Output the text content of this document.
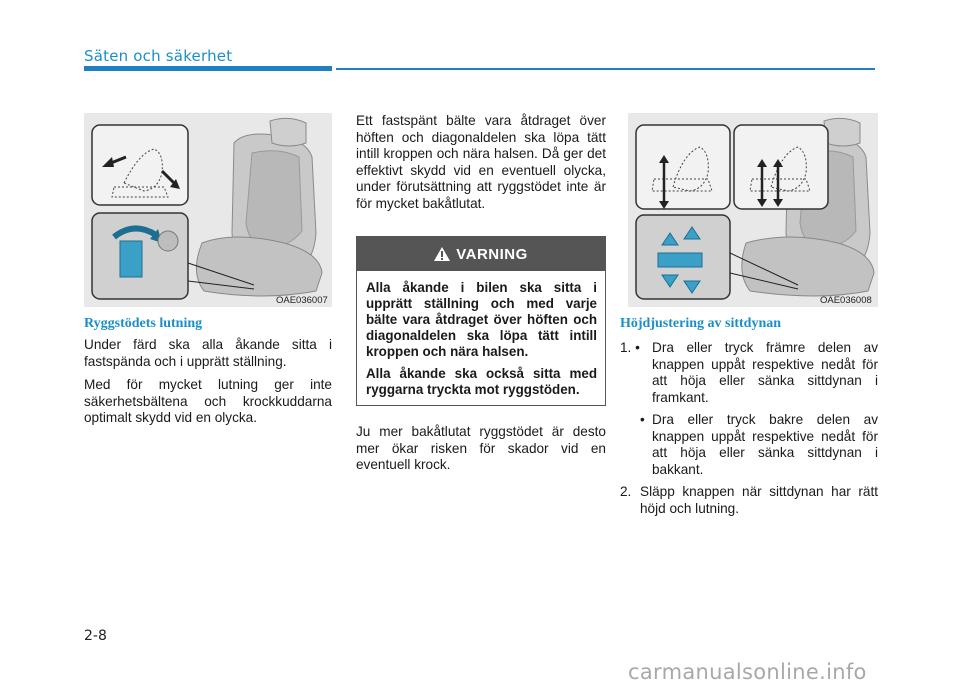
Säten och säkerhet
OAE036007
Ryggstödets lutning

Under färd ska alla åkande sitta i fastspända och i upprätt ställning.

Med för mycket lutning ger inte säkerhetsbältena och krockkuddarna optimalt skydd vid en olycka.

Ett fastspänt bälte vara åtdraget över höften och diagonaldelen ska löpa tätt intill kroppen och nära halsen. Då ger det effektivt skydd vid en eventuell olycka, under förutsättning att ryggstödet inte är för mycket bakåtlutat.

VARNING

Alla åkande i bilen ska sitta i upprätt ställning och med varje bälte vara åtdraget över höften och diagonaldelen ska löpa tätt intill kroppen och nära halsen.

Alla åkande ska också sitta med ryggarna tryckta mot ryggstöden.

Ju mer bakåtlutat ryggstödet är desto mer ökar risken för skador vid en eventuell krock.

OAE036008
Höjdjustering av sittdynan
1. • Dra eller tryck främre delen av knappen uppåt respektive nedåt för att höja eller sänka sittdynan i framkant.
• Dra eller tryck bakre delen av knappen uppåt respektive nedåt för att höja eller sänka sittdynan i bakkant.
2. Släpp knappen när sittdynan har rätt höjd och lutning.
2-8
carmanualsonline.info
